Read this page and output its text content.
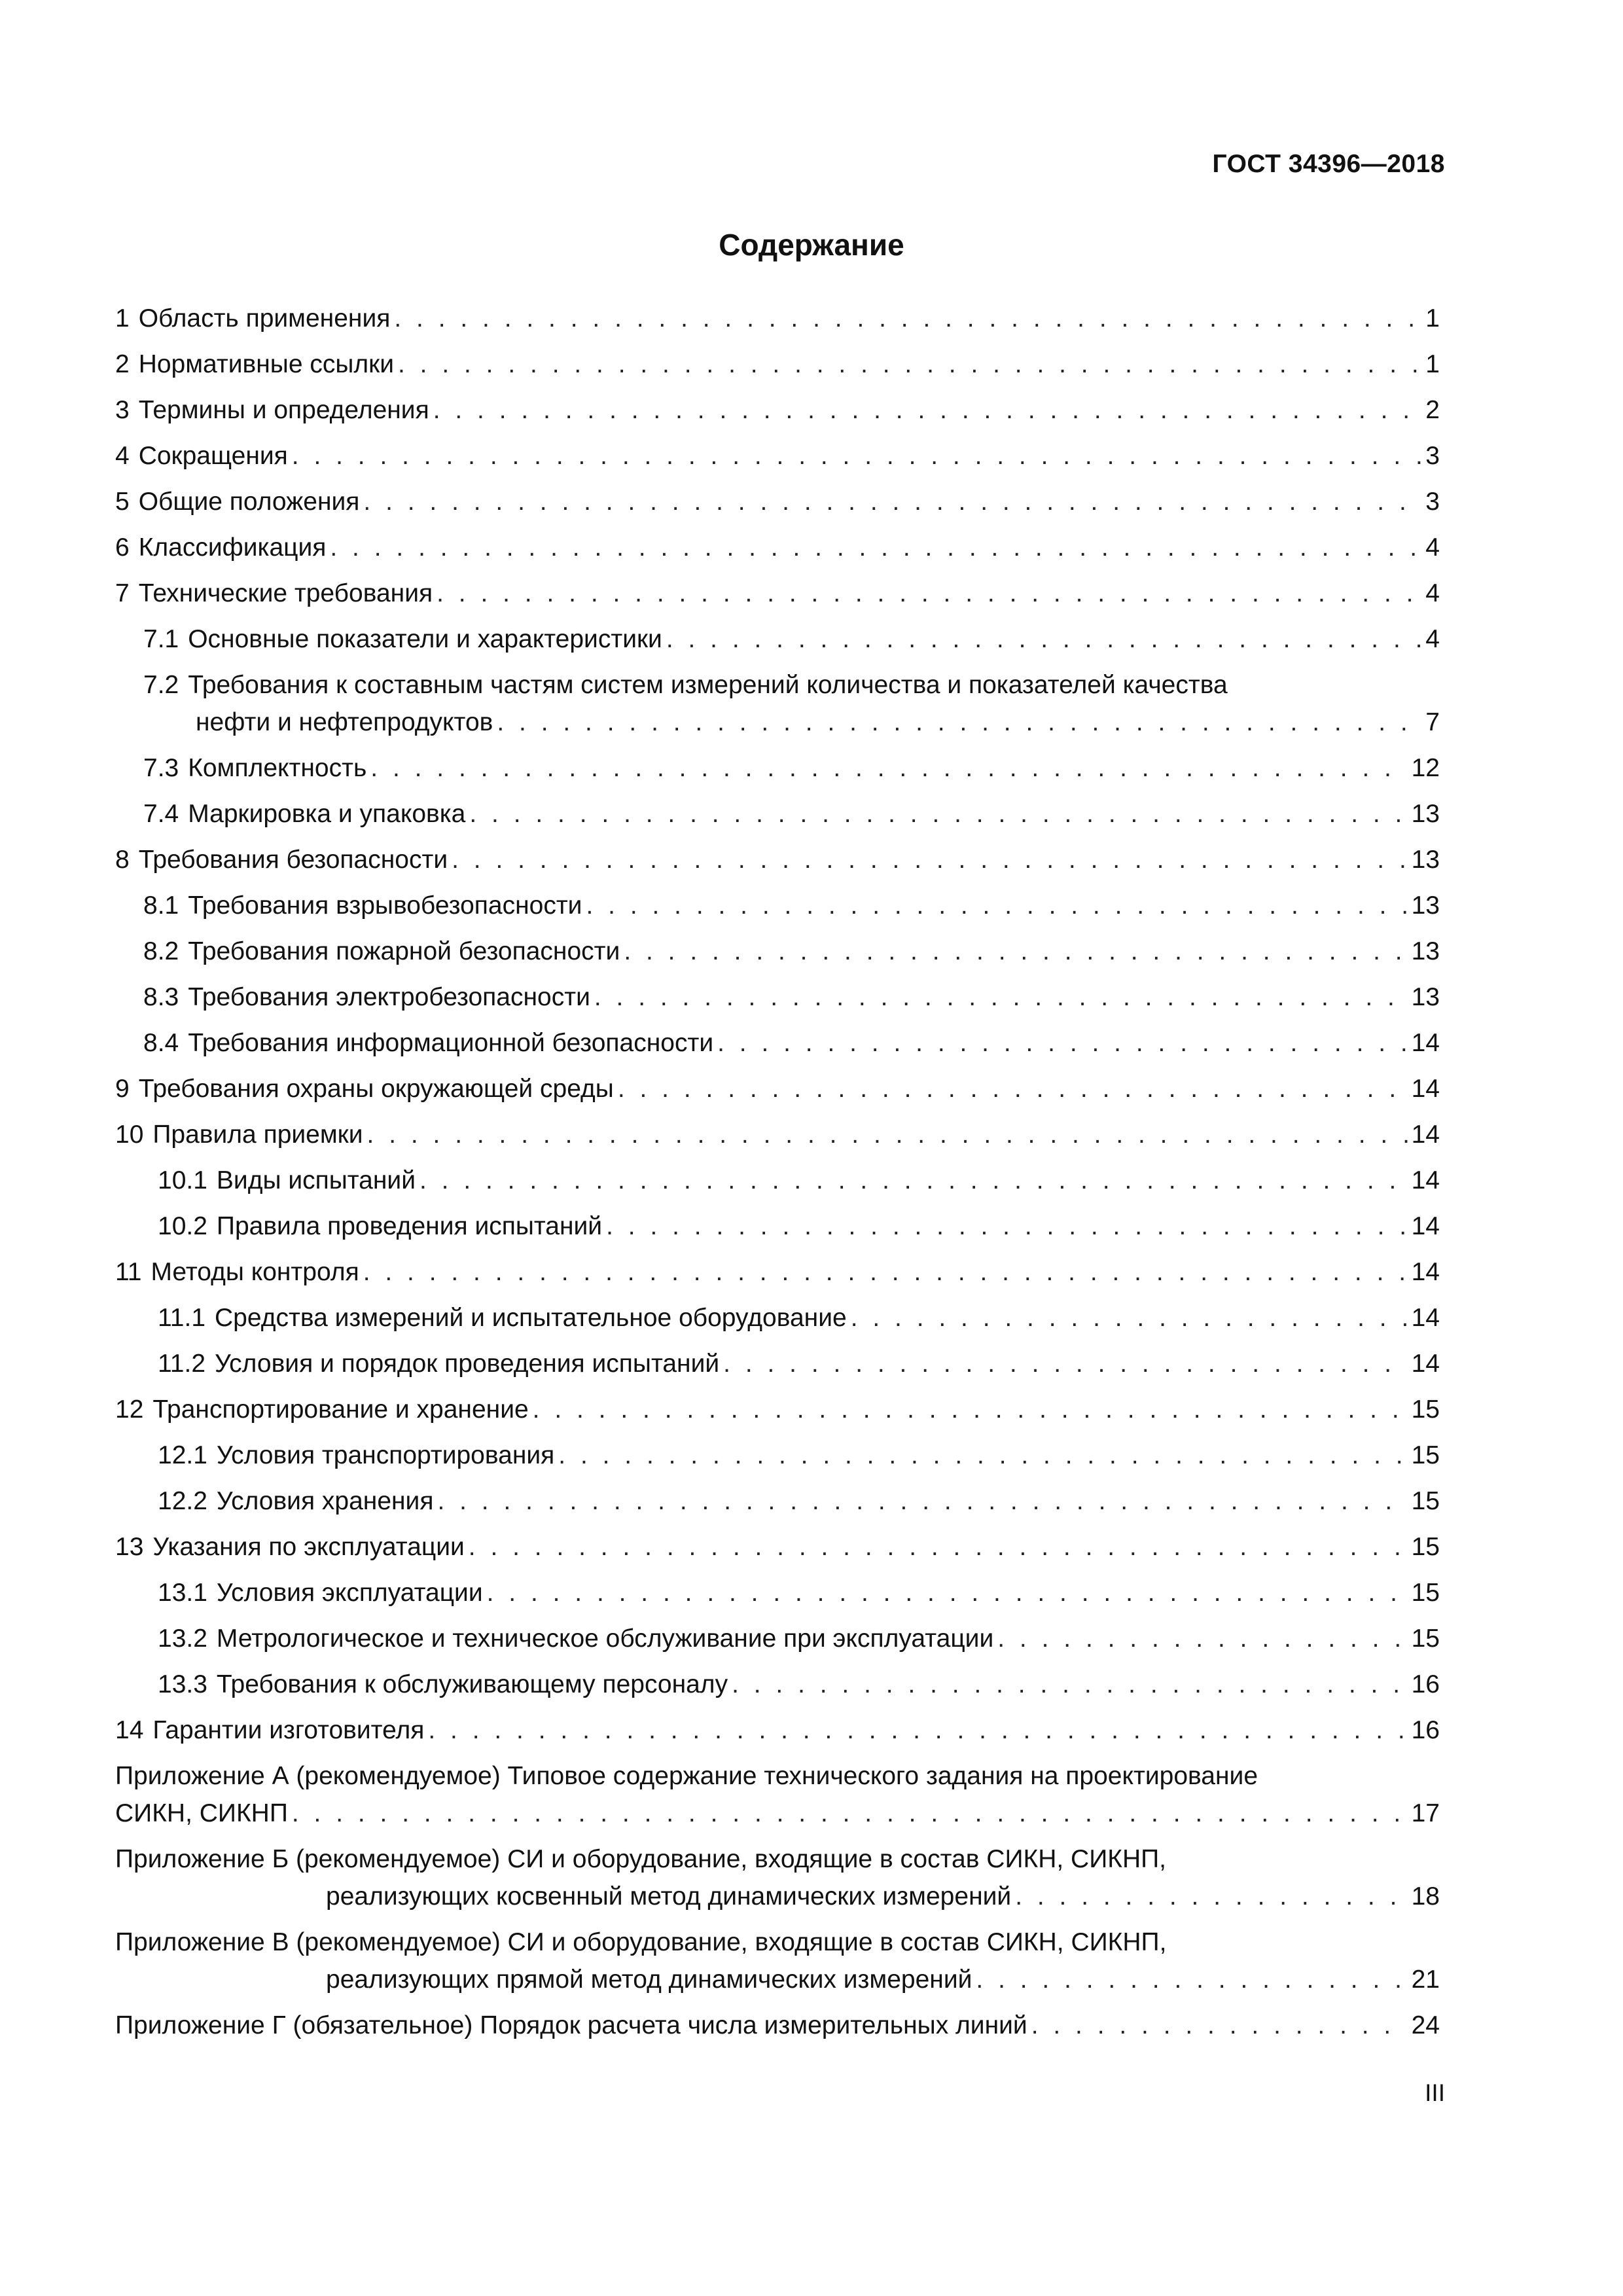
ГОСТ 34396—2018
Содержание
1 Область применения . . .	1
2 Нормативные ссылки . . .	1
3 Термины и определения . . .	2
4 Сокращения . . .	3
5 Общие положения . . .	3
6 Классификация . . .	4
7 Технические требования . . .	4
7.1 Основные показатели и характеристики . . .	4
7.2 Требования к составным частям систем измерений количества и показателей качества
нефти и нефтепродуктов . . .	7
7.3 Комплектность . . .	12
7.4 Маркировка и упаковка . . .	13
8 Требования безопасности . . .	13
8.1 Требования взрывобезопасности . . .	13
8.2 Требования пожарной безопасности . . .	13
8.3 Требования электробезопасности . . .	13
8.4 Требования информационной безопасности . . .	14
9 Требования охраны окружающей среды . . .	14
10 Правила приемки . . .	14
10.1 Виды испытаний . . .	14
10.2 Правила проведения испытаний . . .	14
11 Методы контроля . . .	14
11.1 Средства измерений и испытательное оборудование . . .	14
11.2 Условия и порядок проведения испытаний . . .	14
12 Транспортирование и хранение . . .	15
12.1 Условия транспортирования . . .	15
12.2 Условия хранения . . .	15
13 Указания по эксплуатации . . .	15
13.1 Условия эксплуатации . . .	15
13.2 Метрологическое и техническое обслуживание при эксплуатации . . .	15
13.3 Требования к обслуживающему персоналу . . .	16
14 Гарантии изготовителя . . .	16
Приложение А (рекомендуемое) Типовое содержание технического задания на проектирование
СИКН, СИКНП . . .	17
Приложение Б (рекомендуемое) СИ и оборудование, входящие в состав СИКН, СИКНП,
реализующих косвенный метод динамических измерений . . .	18
Приложение В (рекомендуемое) СИ и оборудование, входящие в состав СИКН, СИКНП,
реализующих прямой метод динамических измерений . . .	21
Приложение Г (обязательное) Порядок расчета числа измерительных линий . . .	24
III
